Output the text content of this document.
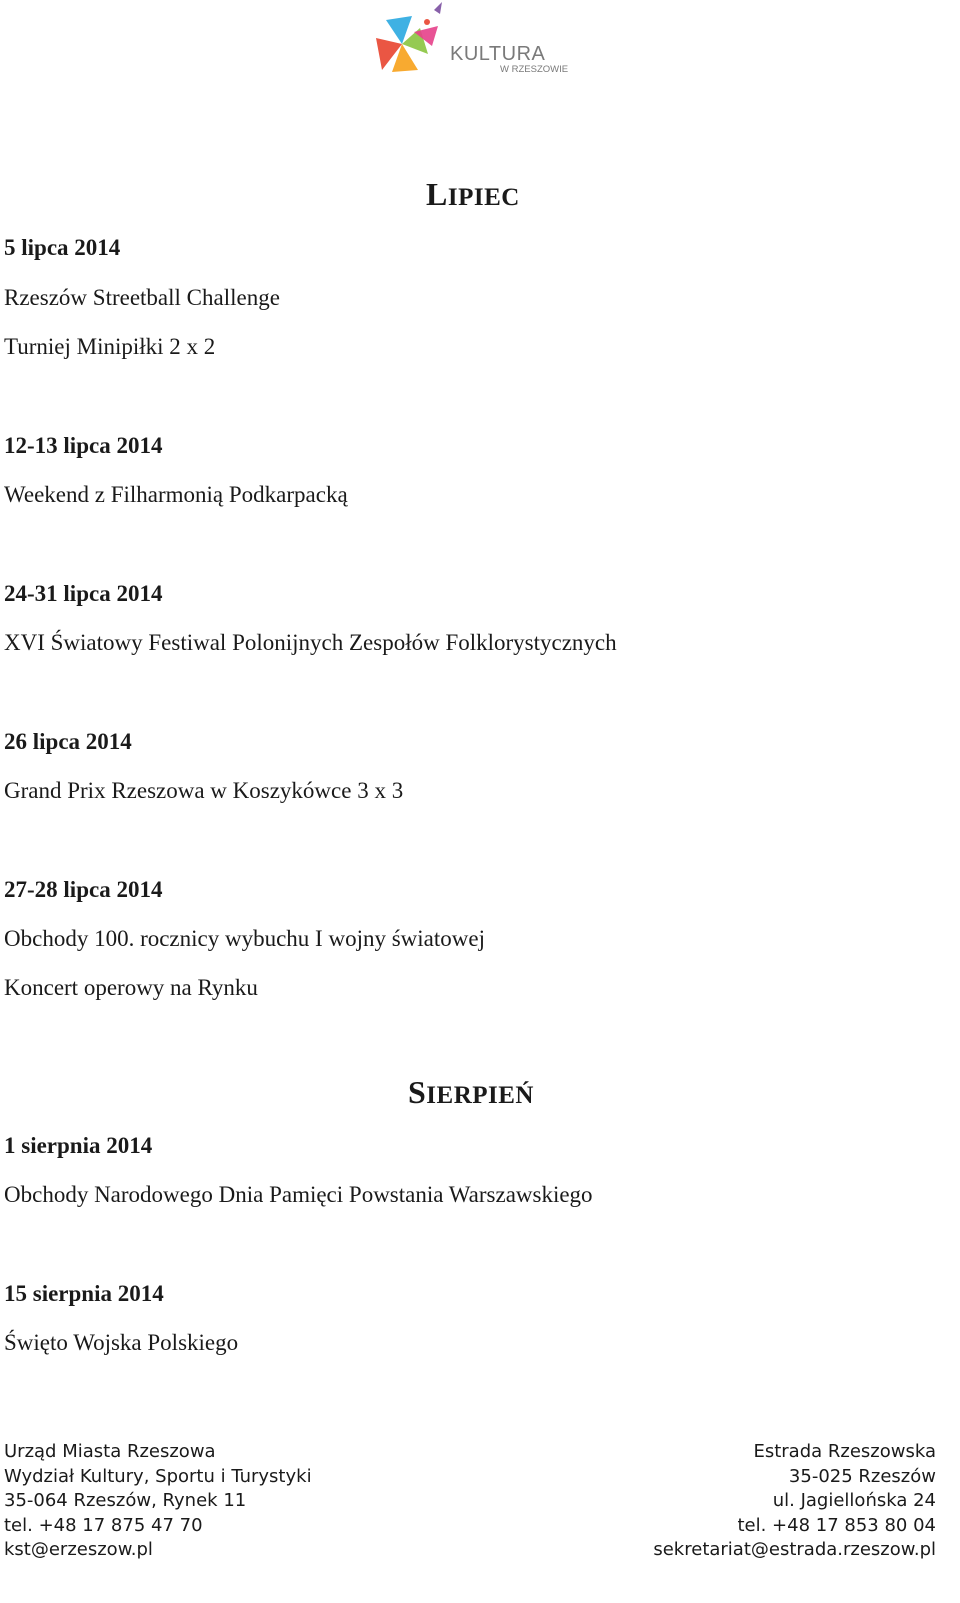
KULTURA
W RZESZOWIE
LIPIEC
5 lipca 2014
Rzeszów Streetball Challenge
Turniej Minipiłki 2 x 2
12-13 lipca 2014
Weekend z Filharmonią Podkarpacką
24-31 lipca 2014
XVI Światowy Festiwal Polonijnych Zespołów Folklorystycznych
26 lipca 2014
Grand Prix Rzeszowa w Koszykówce 3 x 3
27-28 lipca 2014
Obchody 100. rocznicy wybuchu I wojny światowej
Koncert operowy na Rynku
SIERPIEŃ
1 sierpnia 2014
Obchody Narodowego Dnia Pamięci Powstania Warszawskiego
15 sierpnia 2014
Święto Wojska Polskiego
Urząd Miasta Rzeszowa
Wydział Kultury, Sportu i Turystyki
35-064 Rzeszów, Rynek 11
tel. +48 17 875 47 70
kst@erzeszow.pl
Estrada Rzeszowska
35-025 Rzeszów
ul. Jagiellońska 24
tel. +48 17 853 80 04
sekretariat@estrada.rzeszow.pl
